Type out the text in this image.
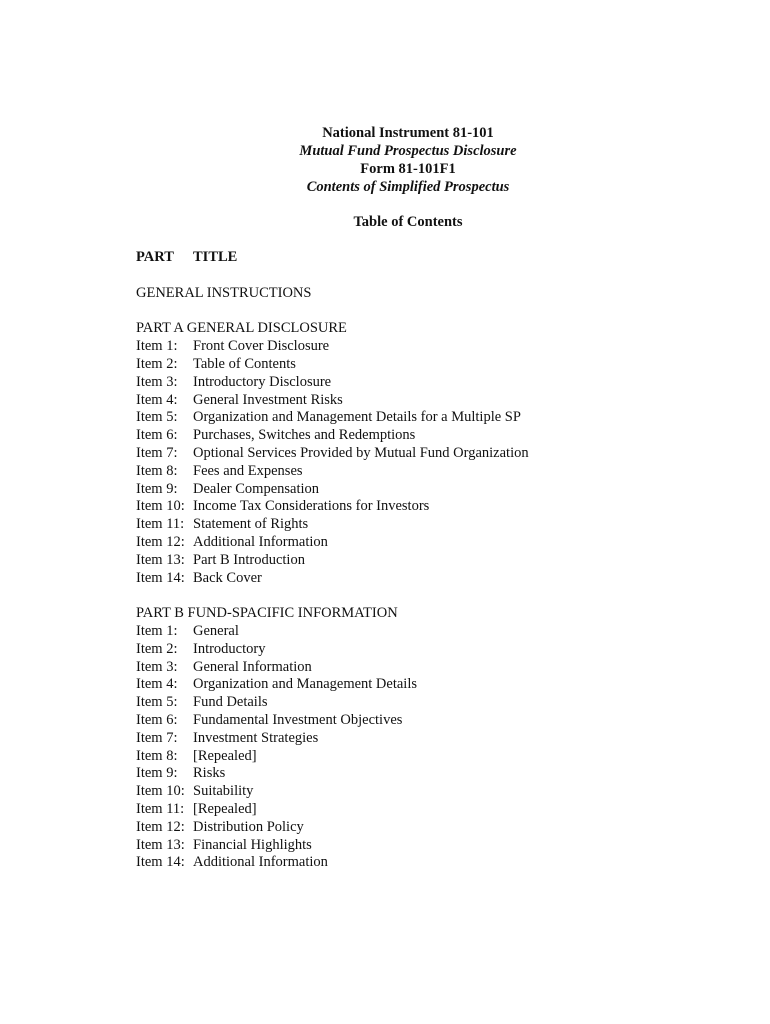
National Instrument 81-101
Mutual Fund Prospectus Disclosure
Form 81-101F1
Contents of Simplified Prospectus
Table of Contents
PART TITLE
GENERAL INSTRUCTIONS
PART A GENERAL DISCLOSURE
Item 1: Front Cover Disclosure
Item 2: Table of Contents
Item 3: Introductory Disclosure
Item 4: General Investment Risks
Item 5: Organization and Management Details for a Multiple SP
Item 6: Purchases, Switches and Redemptions
Item 7: Optional Services Provided by Mutual Fund Organization
Item 8: Fees and Expenses
Item 9: Dealer Compensation
Item 10: Income Tax Considerations for Investors
Item 11: Statement of Rights
Item 12: Additional Information
Item 13: Part B Introduction
Item 14: Back Cover
PART B FUND-SPACIFIC INFORMATION
Item 1: General
Item 2: Introductory
Item 3: General Information
Item 4: Organization and Management Details
Item 5: Fund Details
Item 6: Fundamental Investment Objectives
Item 7: Investment Strategies
Item 8: [Repealed]
Item 9: Risks
Item 10: Suitability
Item 11: [Repealed]
Item 12: Distribution Policy
Item 13: Financial Highlights
Item 14: Additional Information
